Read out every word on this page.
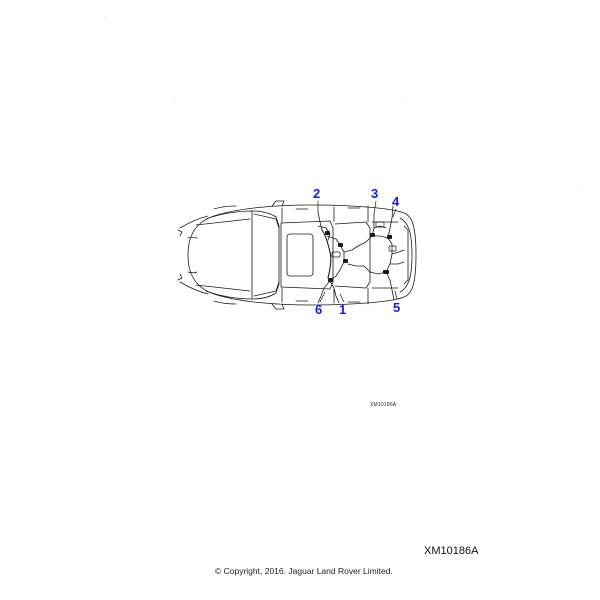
1
2	3
4
5
6
XM10186A
XM10186A
© Copyright, 2016. Jaguar Land Rover Limited.
